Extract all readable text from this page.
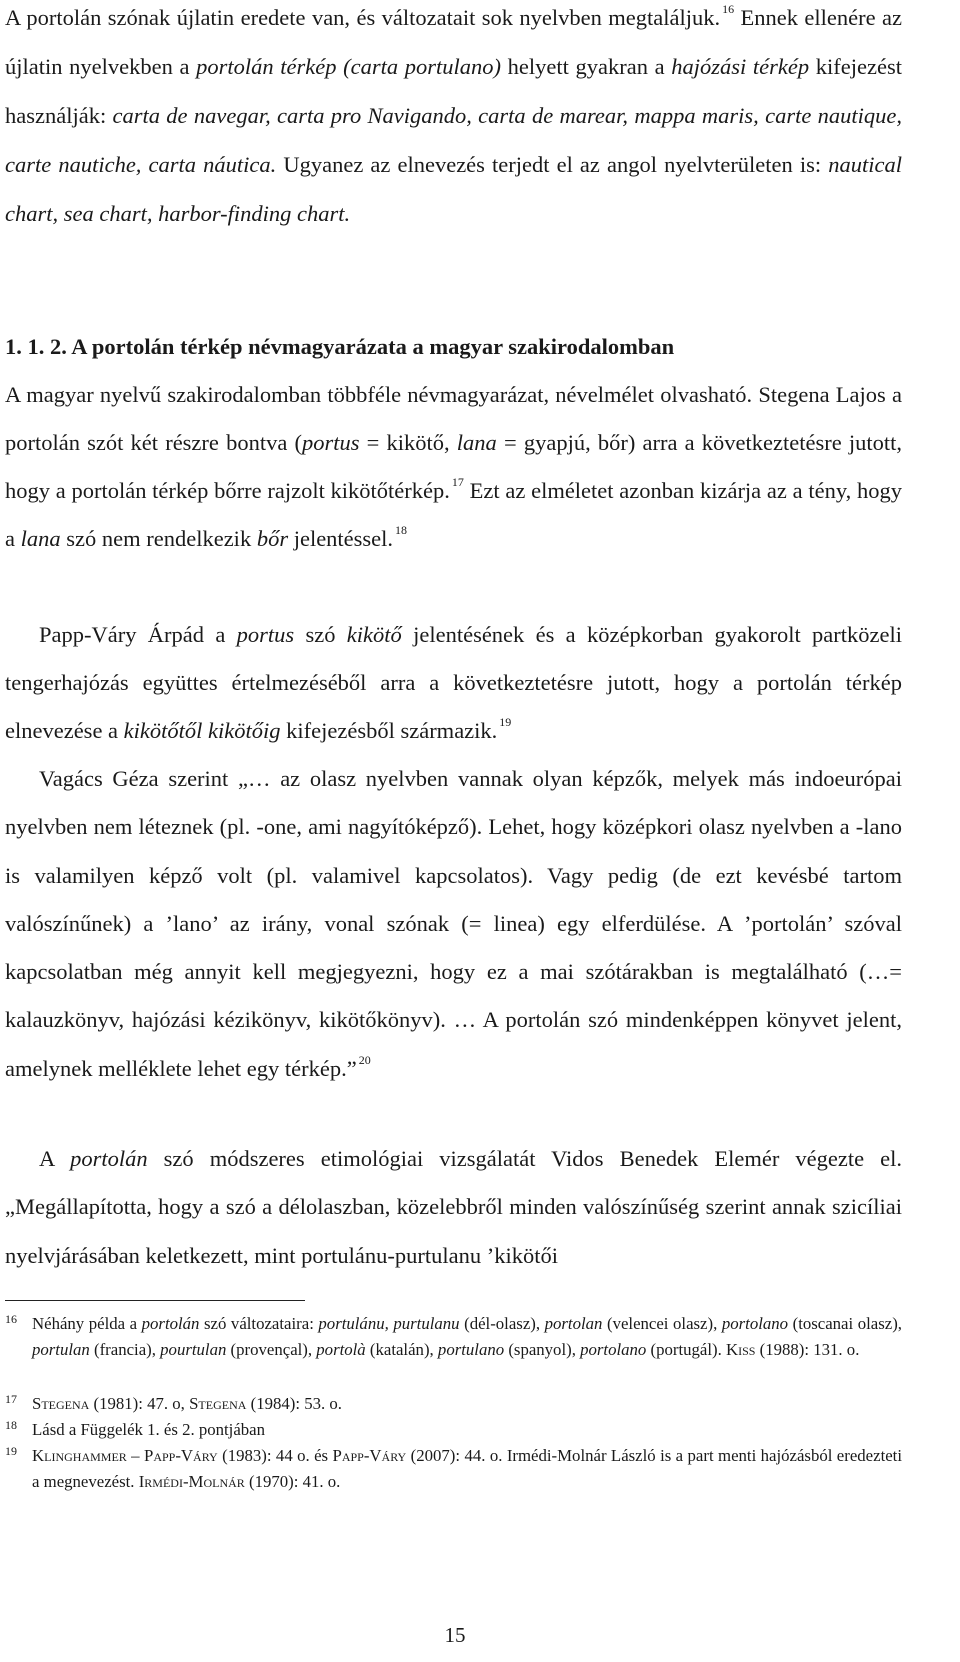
A portolán szónak újlatin eredete van, és változatait sok nyelvben megtaláljuk. $^{16}$ Ennek ellenére az újlatin nyelvekben a portolán térkép (carta portulano) helyett gyakran a hajózási térkép kifejezést használják: carta de navegar, carta pro Navigando, carta de marear, mappa maris, carte nautique, carte nautiche, carta náutica. Ugyanez az elnevezés terjedt el az angol nyelvterületen is: nautical chart, sea chart, harbor-finding chart.

1. 1. 2. A portolán térkép névmagyarázata a magyar szakirodalomban

A magyar nyelvű szakirodalomban többféle névmagyarázat, névelmélet olvasható. Stegena Lajos a portolán szót két részre bontva (portus = kikötő, lana = gyapjú, bőr) arra a következtetésre jutott, hogy a portolán térkép bőrre rajzolt kikötőtérkép. $^{17}$ Ezt az elméletet azonban kizárja az a tény, hogy a lana szó nem rendelkezik bőr jelentéssel. $^{18}$

Papp-Váry Árpád a portus szó kikötő jelentésének és a középkorban gyakorolt partközeli tengerhajózás együttes értelmezéséből arra a következtetésre jutott, hogy a portolán térkép elnevezése a kikötőtől kikötőig kifejezésből származik. $^{19}$

Vagács Géza szerint „… az olasz nyelvben vannak olyan képzők, melyek más indoeurópai nyelvben nem léteznek (pl. -one, ami nagyítóképző). Lehet, hogy középkori olasz nyelvben a -lano is valamilyen képző volt (pl. valamivel kapcsolatos). Vagy pedig (de ezt kevésbé tartom valószínűnek) a ’lano’ az irány, vonal szónak (= linea) egy elferdülése. A ’portolán’ szóval kapcsolatban még annyit kell megjegyezni, hogy ez a mai szótárakban is megtalálható (…= kalauzkönyv, hajózási kézikönyv, kikötőkönyv). … A portolán szó mindenképpen könyvet jelent, amelynek melléklete lehet egy térkép.” $^{20}$

A portolán szó módszeres etimológiai vizsgálatát Vidos Benedek Elemér végezte el. „Megállapította, hogy a szó a délolaszban, közelebbről minden valószínűség szerint annak szicíliai nyelvjárásában keletkezett, mint portulánu-purtulanu ’kikötői

16 Néhány példa a portolán szó változataira: portulánu, purtulanu (dél-olasz), portolan (velencei olasz), portolano (toscanai olasz), portulan (francia), pourtulan (provençal), portolà (katalán), portulano (spanyol), portolano (portugál). Kiss (1988): 131. o.
17 Stegena (1981): 47. o, Stegena (1984): 53. o.
18 Lásd a Függelék 1. és 2. pontjában
19 Klinghammer – Papp-Váry (1983): 44 o. és Papp-Váry (2007): 44. o. Irmédi-Molnár László is a part menti hajózásból eredezteti a megnevezést. Irmédi-Molnár (1970): 41. o.
15
